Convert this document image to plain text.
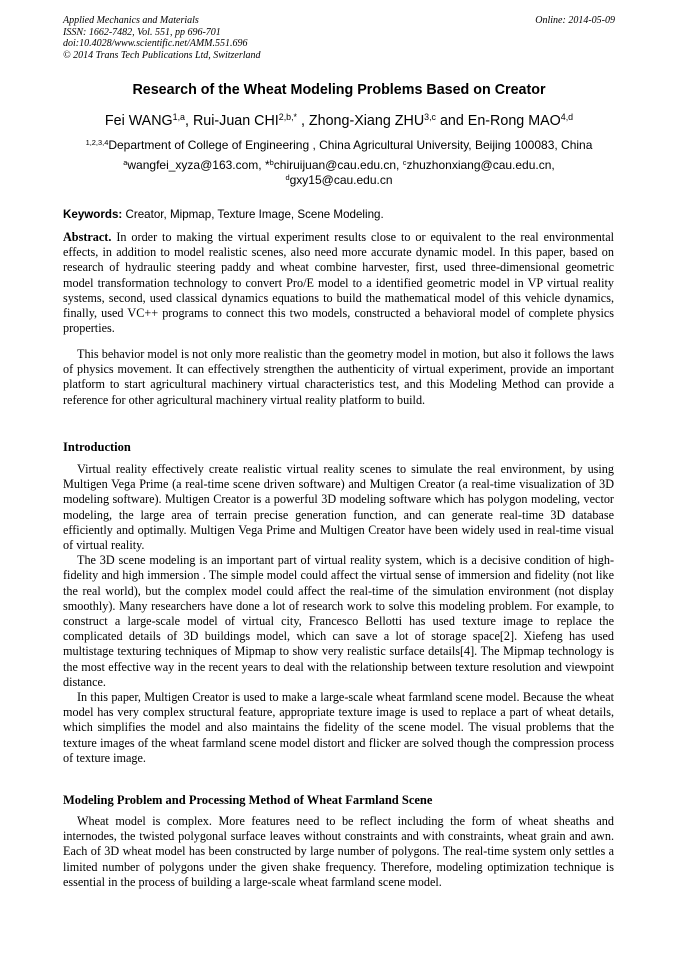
Applied Mechanics and Materials
ISSN: 1662-7482, Vol. 551, pp 696-701
doi:10.4028/www.scientific.net/AMM.551.696
© 2014 Trans Tech Publications Ltd, Switzerland
Online: 2014-05-09
Research of the Wheat Modeling Problems Based on Creator
Fei WANG$^{1,a}$, Rui-Juan $CHI^{2,b,*}$ , Zhong-Xiang ZHU$^{3,c}$ and En-Rong MAO$^{4,d}$
$^{1,2,3,4}$Department of College of Engineering , China Agricultural University, Beijing 100083, China
$^a$wangfei_xyza@163.com, *$^b$chiruijuan@cau.edu.cn, $^c$zhuzhonxiang@cau.edu.cn,
$^d$gxy15@cau.edu.cn
Keywords: Creator, Mipmap, Texture Image, Scene Modeling.

Abstract. In order to making the virtual experiment results close to or equivalent to the real environmental effects, in addition to model realistic scenes, also need more accurate dynamic model. In this paper, based on research of hydraulic steering paddy and wheat combine harvester, first, used three-dimensional geometric model transformation technology to convert Pro/E model to a identified geometric model in VP virtual reality systems, second, used classical dynamics equations to build the mathematical model of this vehicle dynamics, finally, used VC++ programs to connect this two models, constructed a behavioral model of complete physics properties.

This behavior model is not only more realistic than the geometry model in motion, but also it follows the laws of physics movement. It can effectively strengthen the authenticity of virtual experiment, provide an important platform to start agricultural machinery virtual characteristics test, and this Modeling Method can provide a reference for other agricultural machinery virtual reality platform to build.

Introduction

Virtual reality effectively create realistic virtual reality scenes to simulate the real environment, by using Multigen Vega Prime (a real-time scene driven software) and Multigen Creator (a real-time visualization of 3D modeling software). Multigen Creator is a powerful 3D modeling software which has polygon modeling, vector modeling, the large area of terrain precise generation function, and can generate real-time 3D database efficiently and optimally. Multigen Vega Prime and Multigen Creator have been widely used in real-time visual of virtual reality.

The 3D scene modeling is an important part of virtual reality system, which is a decisive condition of high-fidelity and high immersion . The simple model could affect the virtual sense of immersion and fidelity (not like the real world), but the complex model could affect the real-time of the simulation environment (not display smoothly). Many researchers have done a lot of research work to solve this modeling problem. For example, to construct a large-scale model of virtual city, Francesco Bellotti has used texture image to replace the complicated details of 3D buildings model, which can save a lot of storage space[2]. Xiefeng has used multistage texturing techniques of Mipmap to show very realistic surface details[4]. The Mipmap technology is the most effective way in the recent years to deal with the relationship between texture resolution and viewpoint distance.

In this paper, Multigen Creator is used to make a large-scale wheat farmland scene model. Because the wheat model has very complex structural feature, appropriate texture image is used to replace a part of wheat details, which simplifies the model and also maintains the fidelity of the scene model. The visual problems that the texture images of the wheat farmland scene model distort and flicker are solved though the compression process of texture image.

Modeling Problem and Processing Method of Wheat Farmland Scene

Wheat model is complex. More features need to be reflect including the form of wheat sheaths and internodes, the twisted polygonal surface leaves without constraints and with constraints, wheat grain and awn. Each of 3D wheat model has been constructed by large number of polygons. The real-time system only settles a limited number of polygons under the given shake frequency. Therefore, modeling optimization technique is essential in the process of building a large-scale wheat farmland scene model.
